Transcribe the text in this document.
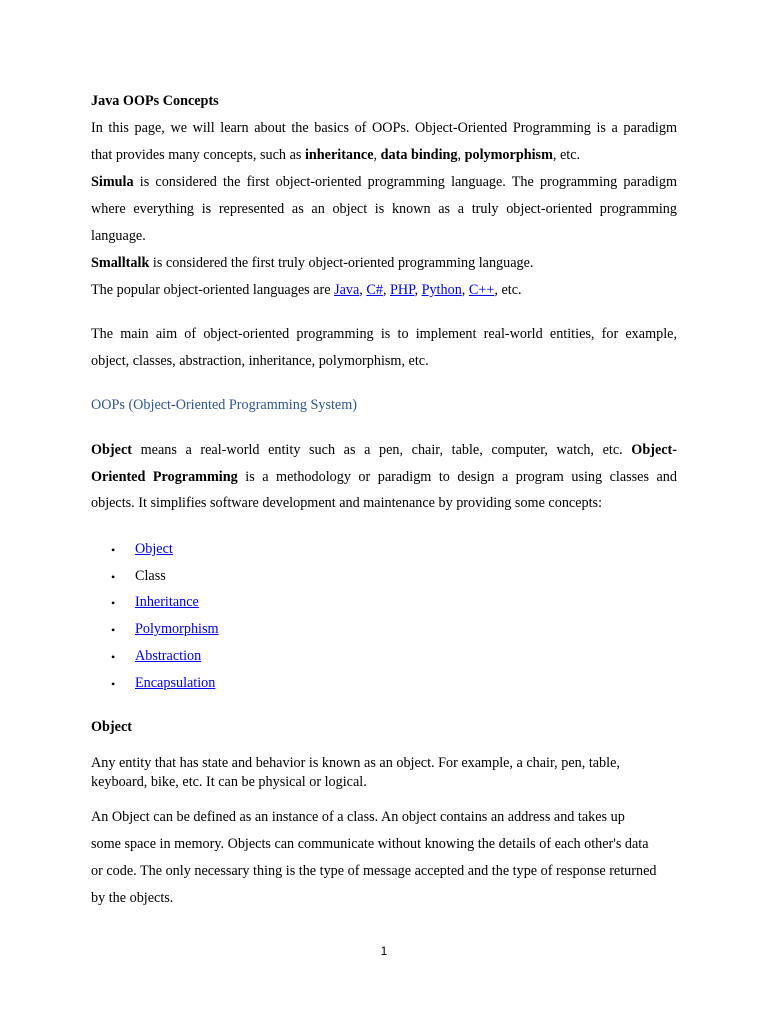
Java OOPs Concepts
In this page, we will learn about the basics of OOPs. Object-Oriented Programming is a paradigm
that provides many concepts, such as inheritance, data binding, polymorphism, etc.
Simula is considered the first object-oriented programming language. The programming paradigm
where everything is represented as an object is known as a truly object-oriented programming
language.
Smalltalk is considered the first truly object-oriented programming language.
The popular object-oriented languages are Java, C#, PHP, Python, C++, etc.
The main aim of object-oriented programming is to implement real-world entities, for example,
object, classes, abstraction, inheritance, polymorphism, etc.
OOPs (Object-Oriented Programming System)
Object means a real-world entity such as a pen, chair, table, computer, watch, etc. Object-
Oriented Programming is a methodology or paradigm to design a program using classes and
objects. It simplifies software development and maintenance by providing some concepts:
• Object
• Class
• Inheritance
• Polymorphism
• Abstraction
• Encapsulation
Object
Any entity that has state and behavior is known as an object. For example, a chair, pen, table,
keyboard, bike, etc. It can be physical or logical.
An Object can be defined as an instance of a class. An object contains an address and takes up
some space in memory. Objects can communicate without knowing the details of each other's data
or code. The only necessary thing is the type of message accepted and the type of response returned
by the objects.
1
